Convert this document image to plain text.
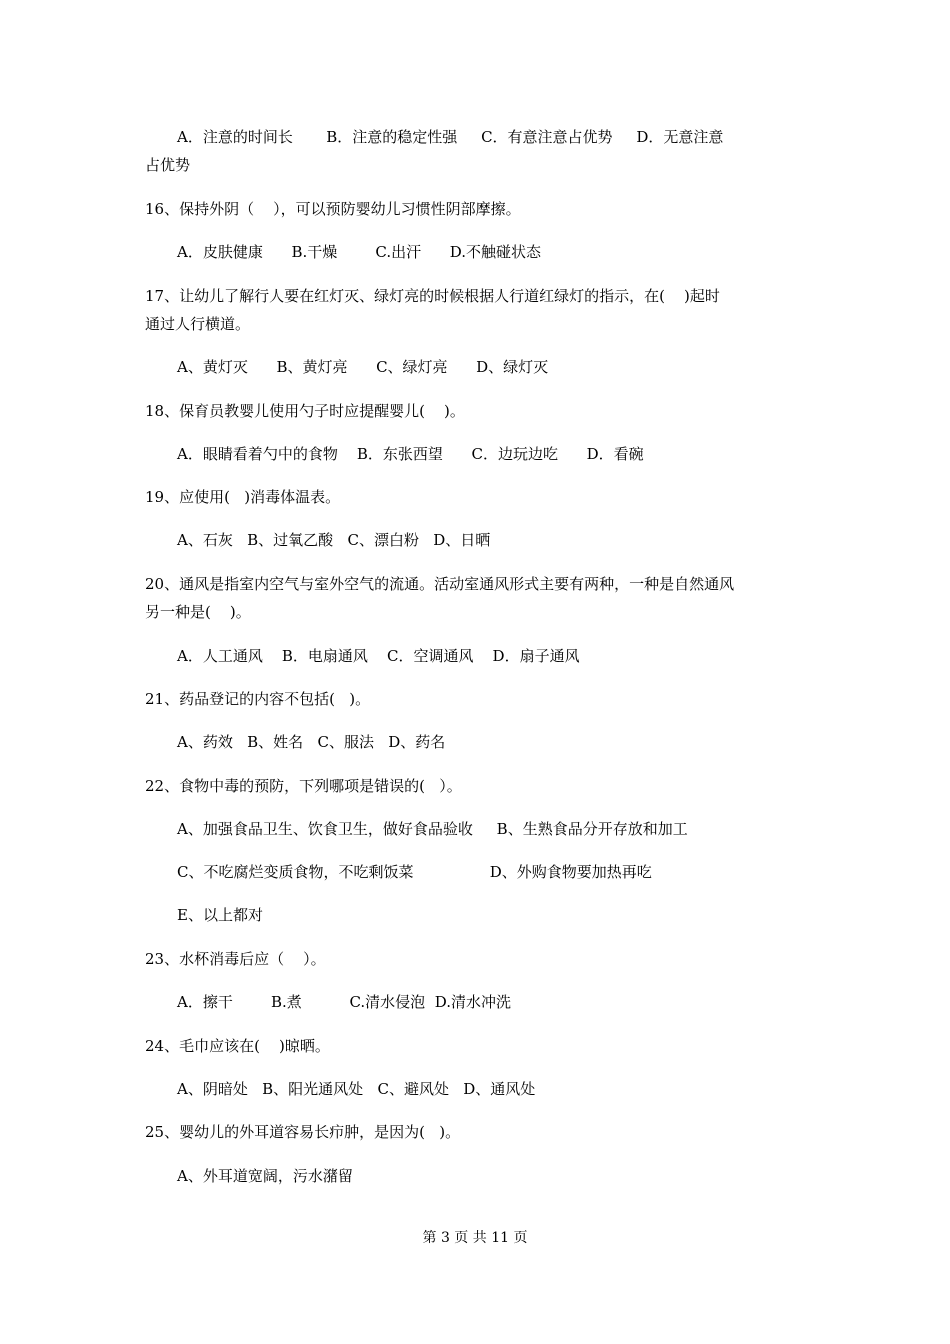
A．注意的时间长       B．注意的稳定性强     C．有意注意占优势     D．无意注意
占优势
16、保持外阴（    ），可以预防婴幼儿习惯性阴部摩擦。
A．皮肤健康      B.干燥        C.出汗      D.不触碰状态
17、让幼儿了解行人要在红灯灭、绿灯亮的时候根据人行道红绿灯的指示，在(    )起时
通过人行横道。
A、黄灯灭      B、黄灯亮      C、绿灯亮      D、绿灯灭
18、保育员教婴儿使用勺子时应提醒婴儿(    )。
A．眼睛看着勺中的食物    B．东张西望      C．边玩边吃      D．看碗
19、应使用(   )消毒体温表。
A、石灰   B、过氧乙酸   C、漂白粉   D、日晒
20、通风是指室内空气与室外空气的流通。活动室通风形式主要有两种，一种是自然通风
另一种是(    )。
A．人工通风    B．电扇通风    C．空调通风    D．扇子通风
21、药品登记的内容不包括(   )。
A、药效   B、姓名   C、服法   D、药名
22、食物中毒的预防，下列哪项是错误的(   ）。
A、加强食品卫生、饮食卫生，做好食品验收     B、生熟食品分开存放和加工
C、不吃腐烂变质食物，不吃剩饭菜                D、外购食物要加热再吃
E、以上都对
23、水杯消毒后应（    ）。
A．擦干        B.煮          C.清水侵泡  D.清水冲洗
24、毛巾应该在(    )晾晒。
A、阴暗处   B、阳光通风处   C、避风处   D、通风处
25、婴幼儿的外耳道容易长疖肿，是因为(   )。
A、外耳道宽阔，污水潴留
第 3 页 共 11 页
